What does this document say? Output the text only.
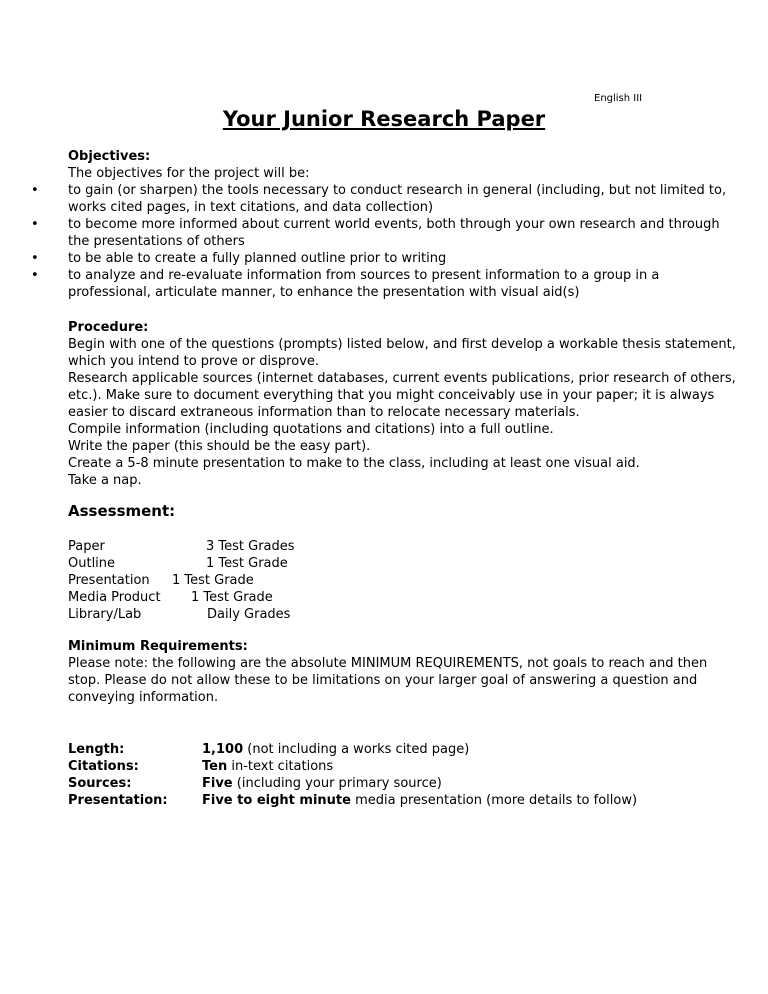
English III
Your Junior Research Paper
Objectives:

The objectives for the project will be:

• to gain (or sharpen) the tools necessary to conduct research in general (including, but not limited to, works cited pages, in text citations, and data collection)
• to become more informed about current world events, both through your own research and through the presentations of others
• to be able to create a fully planned outline prior to writing
• to analyze and re-evaluate information from sources to present information to a group in a professional, articulate manner, to enhance the presentation with visual aid(s)
Procedure:

Begin with one of the questions (prompts) listed below, and first develop a workable thesis statement, which you intend to prove or disprove.

Research applicable sources (internet databases, current events publications, prior research of others, etc.). Make sure to document everything that you might conceivably use in your paper; it is always easier to discard extraneous information than to relocate necessary materials.

Compile information (including quotations and citations) into a full outline.

Write the paper (this should be the easy part).

Create a 5-8 minute presentation to make to the class, including at least one visual aid.

Take a nap.

Assessment:
Paper	3 Test Grades
Outline	1 Test Grade
Presentation	1 Test Grade
Media Product	1 Test Grade
Library/Lab	Daily Grades
Minimum Requirements:

Please note: the following are the absolute MINIMUM REQUIREMENTS, not goals to reach and then stop. Please do not allow these to be limitations on your larger goal of answering a question and conveying information.

Length:	1,100 (not including a works cited page)
Citations:	Ten in-text citations
Sources:	Five (including your primary source)
Presentation:	Five to eight minute media presentation (more details to follow)
